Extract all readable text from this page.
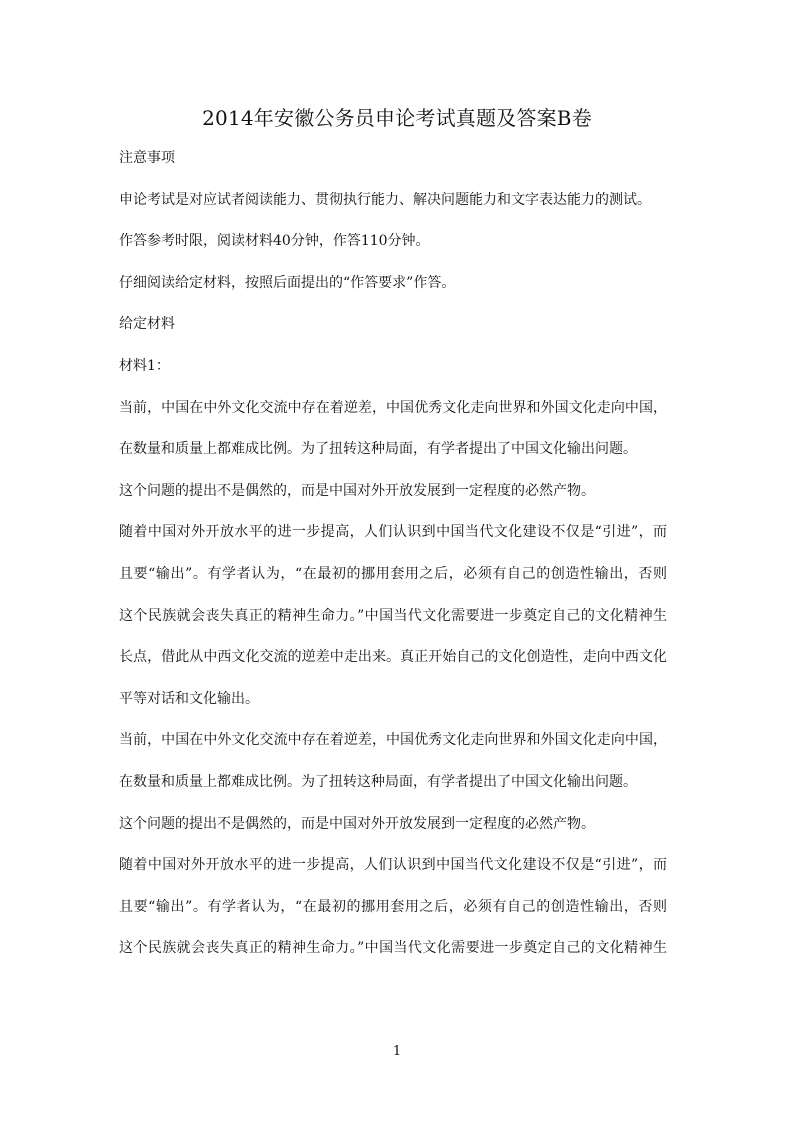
2014年安徽公务员申论考试真题及答案B卷
注意事项
申论考试是对应试者阅读能力、贯彻执行能力、解决问题能力和文字表达能力的测试。
作答参考时限，阅读材料40分钟，作答110分钟。
仔细阅读给定材料，按照后面提出的“作答要求”作答。
给定材料
材料1：
当前，中国在中外文化交流中存在着逆差，中国优秀文化走向世界和外国文化走向中国，
在数量和质量上都难成比例。为了扭转这种局面，有学者提出了中国文化输出问题。
这个问题的提出不是偶然的，而是中国对外开放发展到一定程度的必然产物。
随着中国对外开放水平的进一步提高，人们认识到中国当代文化建设不仅是“引进”，而
且要“输出”。有学者认为，“在最初的挪用套用之后，必须有自己的创造性输出，否则
这个民族就会丧失真正的精神生命力。”中国当代文化需要进一步奠定自己的文化精神生
长点，借此从中西文化交流的逆差中走出来。真正开始自己的文化创造性，走向中西文化
平等对话和文化输出。
当前，中国在中外文化交流中存在着逆差，中国优秀文化走向世界和外国文化走向中国，
在数量和质量上都难成比例。为了扭转这种局面，有学者提出了中国文化输出问题。
这个问题的提出不是偶然的，而是中国对外开放发展到一定程度的必然产物。
随着中国对外开放水平的进一步提高，人们认识到中国当代文化建设不仅是“引进”，而
且要“输出”。有学者认为，“在最初的挪用套用之后，必须有自己的创造性输出，否则
这个民族就会丧失真正的精神生命力。”中国当代文化需要进一步奠定自己的文化精神生
1
